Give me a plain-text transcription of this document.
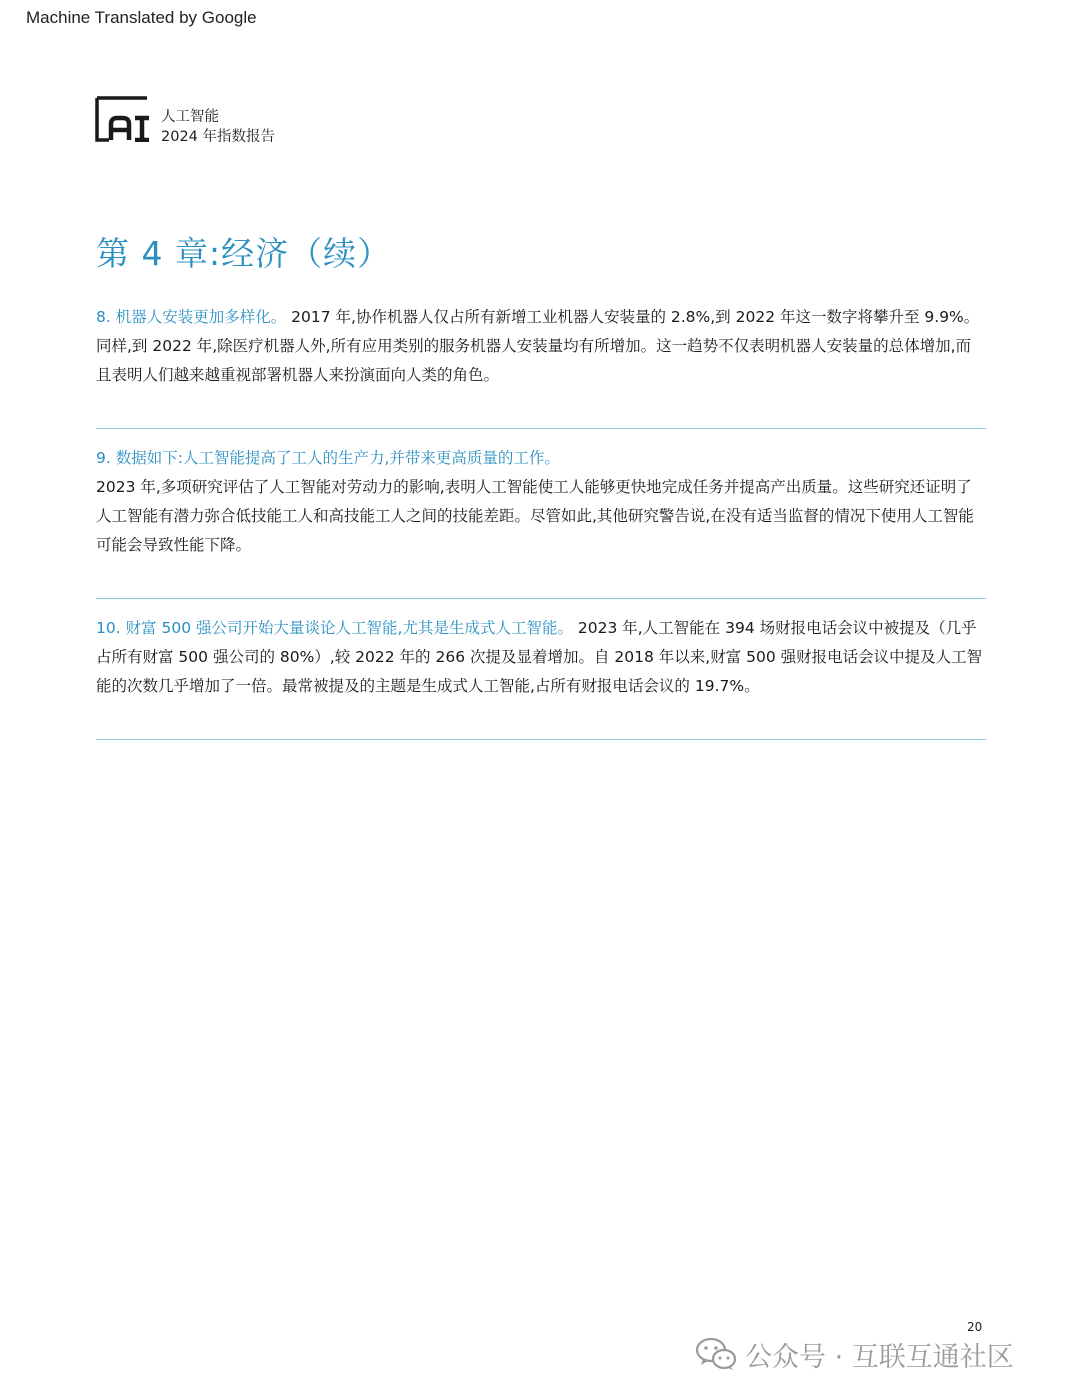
Machine Translated by Google
人工智能
2024 年指数报告
第 4 章:经济（续）

8. 机器人安装更加多样化。 2017 年,协作机器人仅占所有新增工业机器人安装量的 2.8%,到 2022 年这一数字将攀升至 9.9%。同样,到 2022 年,除医疗机器人外,所有应用类别的服务机器人安装量均有所增加。这一趋势不仅表明机器人安装量的总体增加,而且表明人们越来越重视部署机器人来扮演面向人类的角色。

9. 数据如下:人工智能提高了工人的生产力,并带来更高质量的工作。

2023 年,多项研究评估了人工智能对劳动力的影响,表明人工智能使工人能够更快地完成任务并提高产出质量。这些研究还证明了人工智能有潜力弥合低技能工人和高技能工人之间的技能差距。尽管如此,其他研究警告说,在没有适当监督的情况下使用人工智能可能会导致性能下降。

10. 财富 500 强公司开始大量谈论人工智能,尤其是生成式人工智能。 2023 年,人工智能在 394 场财报电话会议中被提及（几乎占所有财富 500 强公司的 80%）,较 2022 年的 266 次提及显着增加。自 2018 年以来,财富 500 强财报电话会议中提及人工智能的次数几乎增加了一倍。最常被提及的主题是生成式人工智能,占所有财报电话会议的 19.7%。

20
公众号 · 互联互通社区
